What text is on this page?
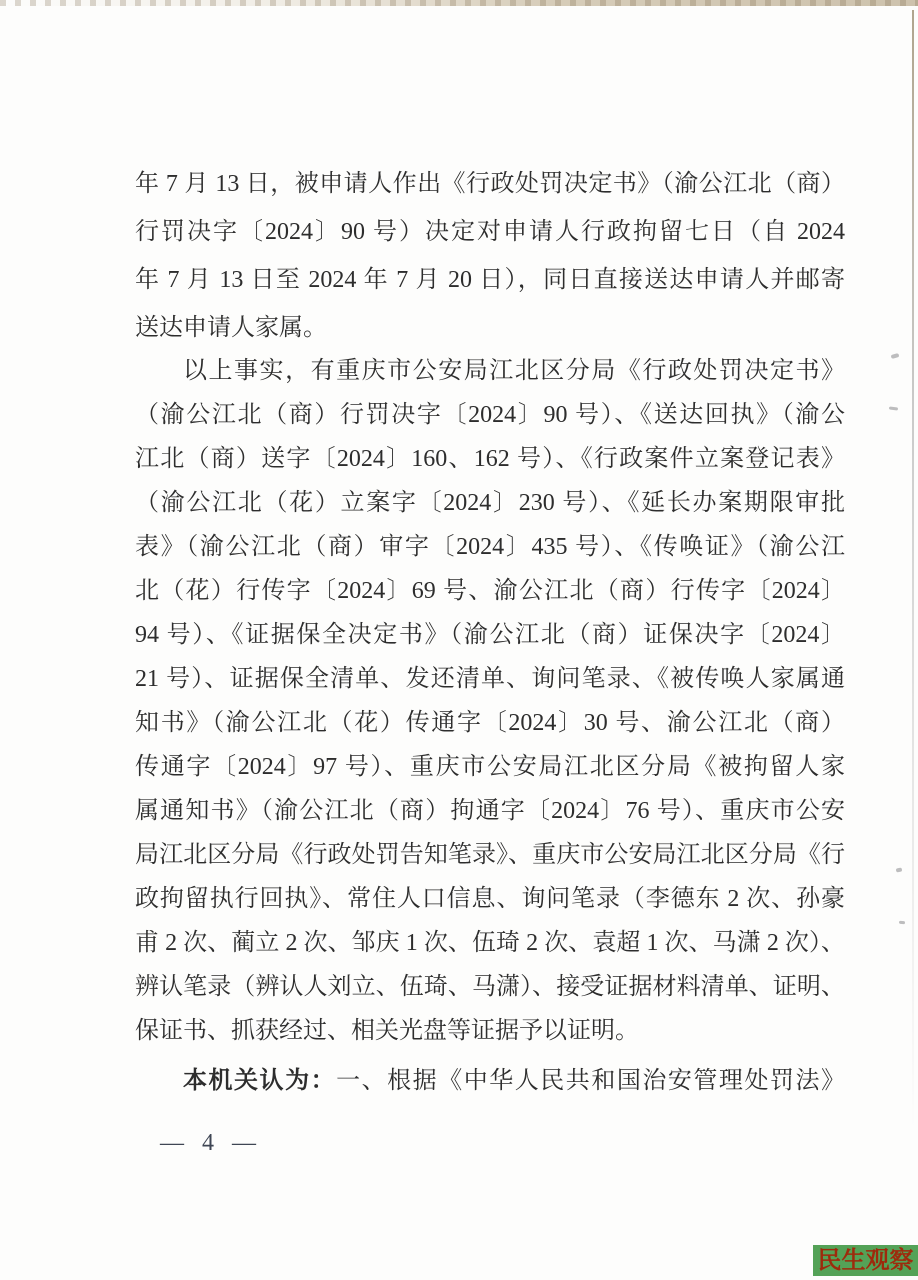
年 7 月 13 日，被申请人作出《行政处罚决定书》（渝公江北（商）
行罚决字〔2024〕90 号）决定对申请人行政拘留七日（自 2024
年 7 月 13 日至 2024 年 7 月 20 日），同日直接送达申请人并邮寄
送达申请人家属。
以上事实，有重庆市公安局江北区分局《行政处罚决定书》
（渝公江北（商）行罚决字〔2024〕90 号）、《送达回执》（渝公
江北（商）送字〔2024〕160、162 号）、《行政案件立案登记表》
（渝公江北（花）立案字〔2024〕230 号）、《延长办案期限审批
表》（渝公江北（商）审字〔2024〕435 号）、《传唤证》（渝公江
北（花）行传字〔2024〕69 号、渝公江北（商）行传字〔2024〕
94 号）、《证据保全决定书》（渝公江北（商）证保决字〔2024〕
21 号）、证据保全清单、发还清单、询问笔录、《被传唤人家属通
知书》（渝公江北（花）传通字〔2024〕30 号、渝公江北（商）
传通字〔2024〕97 号）、重庆市公安局江北区分局《被拘留人家
属通知书》（渝公江北（商）拘通字〔2024〕76 号）、重庆市公安
局江北区分局《行政处罚告知笔录》、重庆市公安局江北区分局《行
政拘留执行回执》、常住人口信息、询问笔录（李德东 2 次、孙豪
甫 2 次、蔺立 2 次、邹庆 1 次、伍琦 2 次、袁超 1 次、马潇 2 次）、
辨认笔录（辨认人刘立、伍琦、马潇）、接受证据材料清单、证明、
保证书、抓获经过、相关光盘等证据予以证明。
本机关认为：一、根据《中华人民共和国治安管理处罚法》
— 4 —
民生观察
